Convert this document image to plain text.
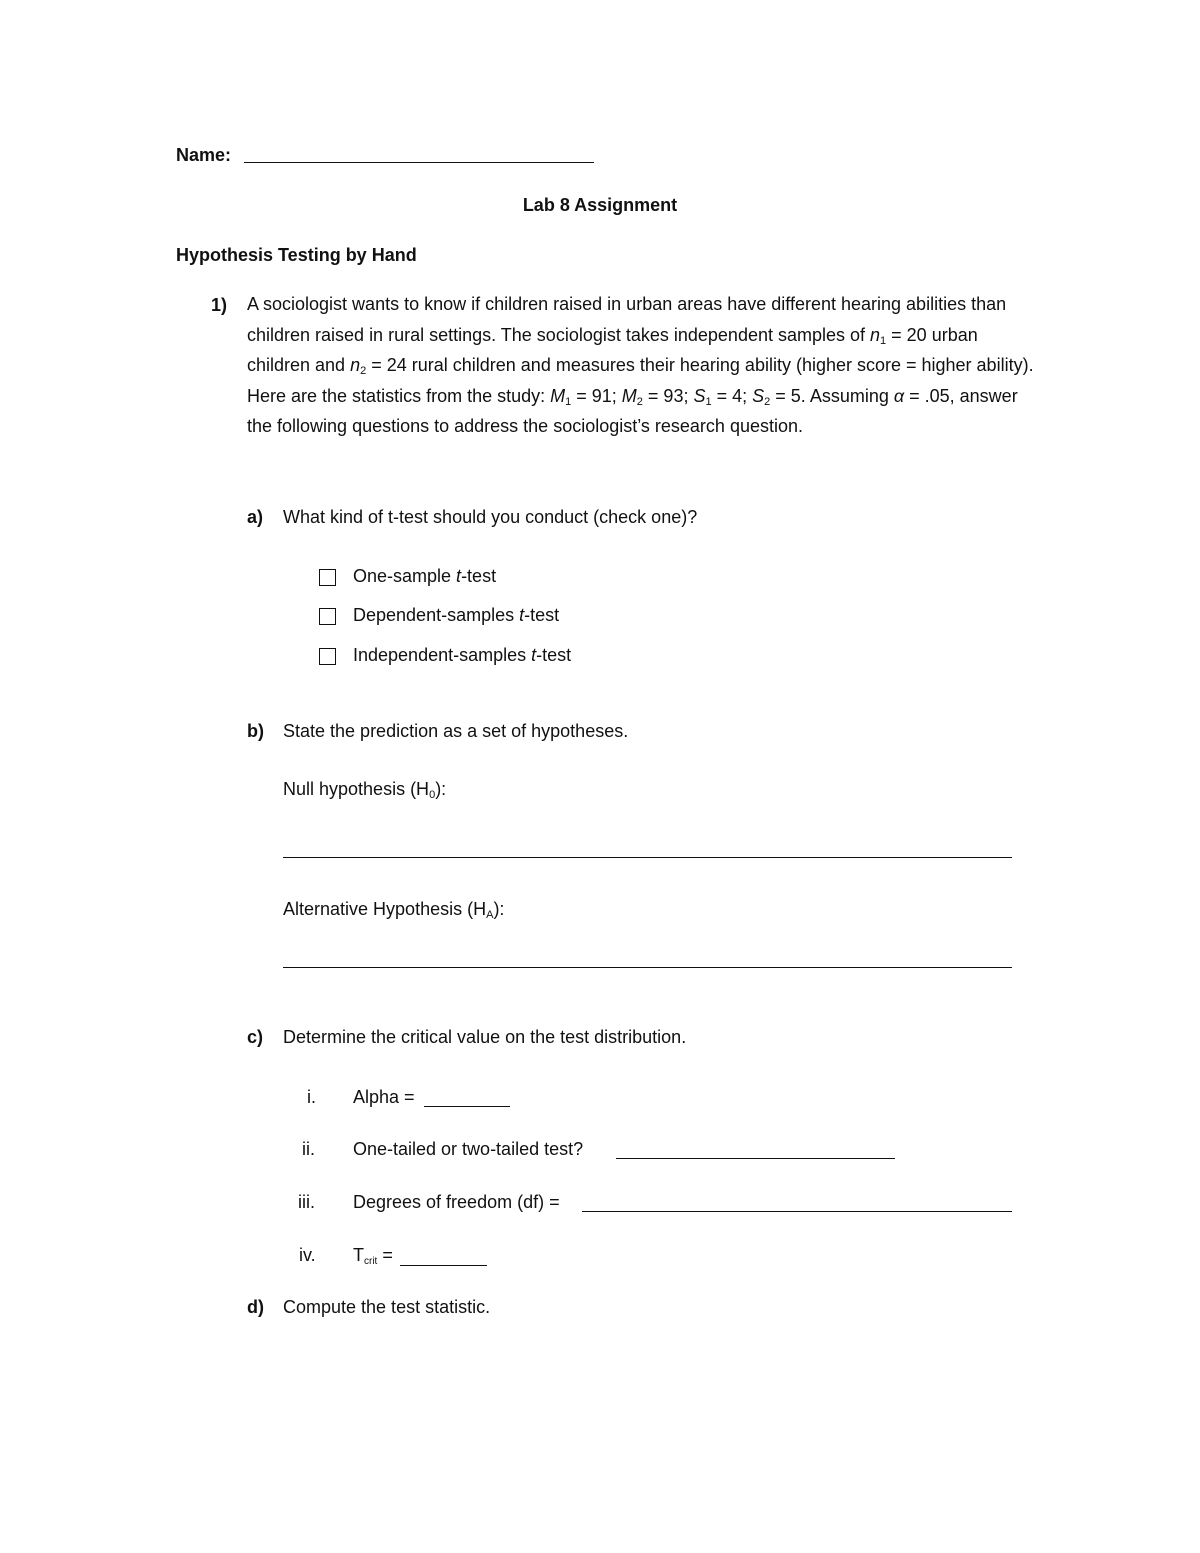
Name:
Lab 8 Assignment
Hypothesis Testing by Hand
1) A sociologist wants to know if children raised in urban areas have different hearing abilities than children raised in rural settings. The sociologist takes independent samples of $n_1 = 20$ urban children and $n_2 = 24$ rural children and measures their hearing ability (higher score = higher ability). Here are the statistics from the study: $M_1 = 91$; $M_2 = 93$; $S_1 = 4$; $S_2 = 5$. Assuming α = .05, answer the following questions to address the sociologist’s research question.
a) What kind of t-test should you conduct (check one)?
One-sample t-test
Dependent-samples t-test
Independent-samples t-test
b) State the prediction as a set of hypotheses.
Null hypothesis $(H_0)$:
Alternative Hypothesis $(H_A)$:
c) Determine the critical value on the test distribution.
i. Alpha =
ii. One-tailed or two-tailed test?
iii. Degrees of freedom (df) =
iv. $T_{crit}$ =
d) Compute the test statistic.
